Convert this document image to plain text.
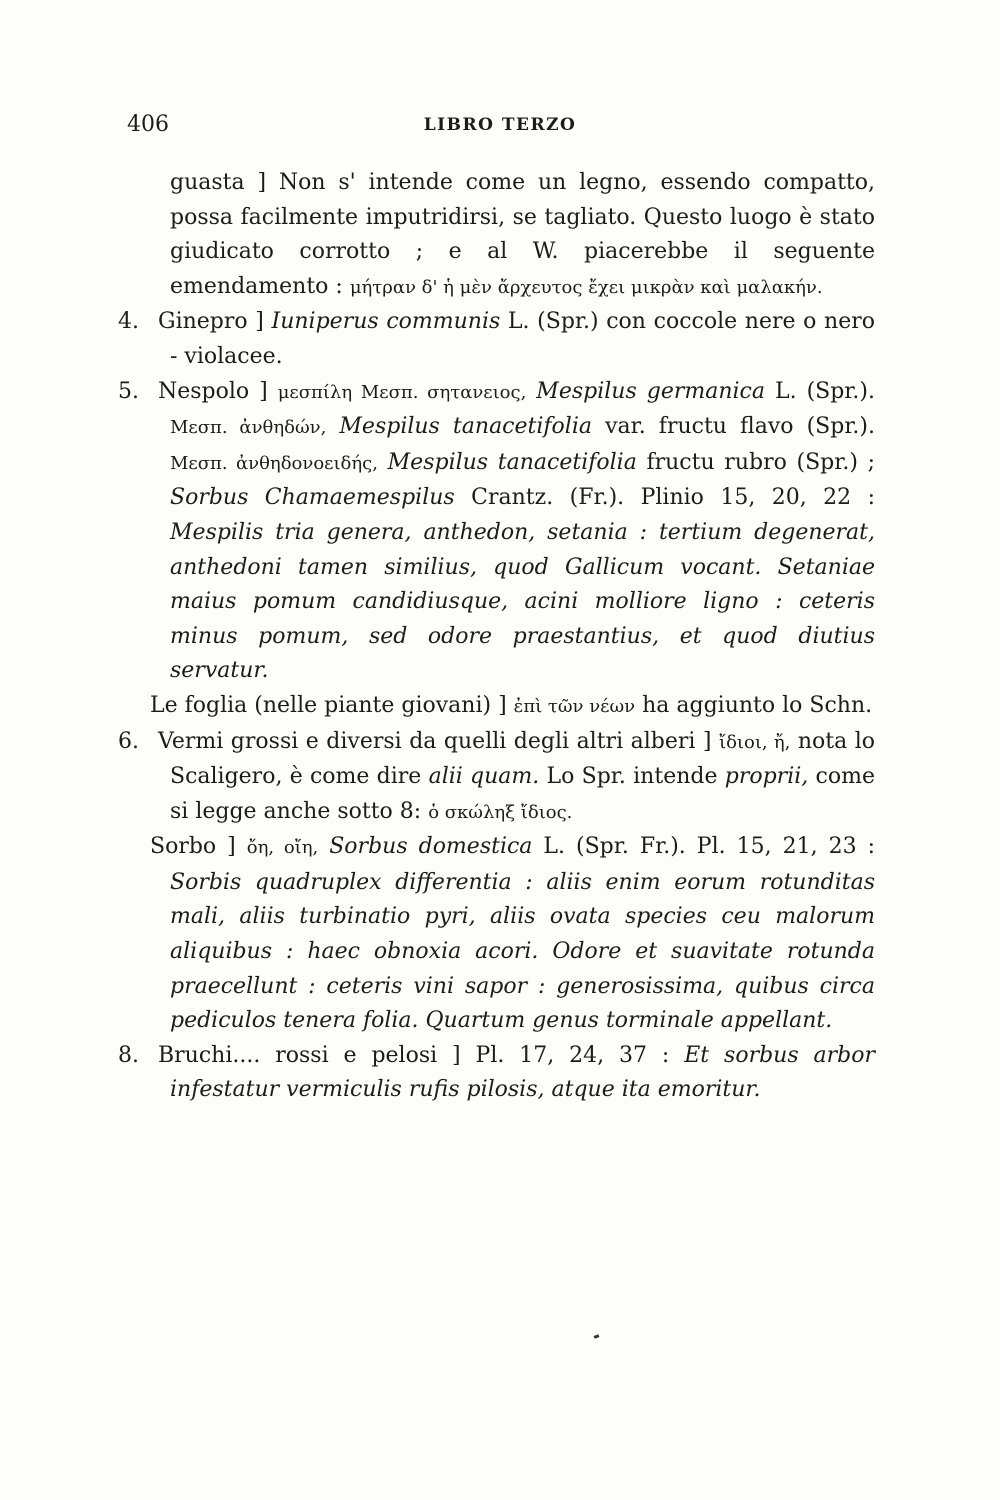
406	LIBRO TERZO

guasta ] Non s' intende come un legno, essendo compatto, possa facilmente imputridirsi, se tagliato. Questo luogo è stato giudicato corrotto ; e al W. piacerebbe il seguente emendamento : μήτραν δ' ἡ μὲν ἄρχευτος ἔχει μικρὰν καὶ μαλακήν.

4. Ginepro ] Iuniperus communis L. (Spr.) con coccole nere o nero - violacee.

5. Nespolo ] μεσπίλη Μεσπ. σητανειος, Mespilus germanica L. (Spr.). Μεσπ. ἀνθηδών, Mespilus tanacetifolia var. fructu flavo (Spr.). Μεσπ. ἀνθηδονοειδής, Mespilus tanacetifolia fructu rubro (Spr.) ; Sorbus Chamaemespilus Crantz. (Fr.). Plinio 15, 20, 22 : Mespilis tria genera, anthedon, setania : tertium degenerat, anthedoni tamen similius, quod Gallicum vocant. Setaniae maius pomum candidiusque, acini molliore ligno : ceteris minus pomum, sed odore praestantius, et quod diutius servatur.

Le foglia (nelle piante giovani) ] ἐπὶ τῶν νέων ha aggiunto lo Schn.

6. Vermi grossi e diversi da quelli degli altri alberi ] ἴδιοι, ἤ, nota lo Scaligero, è come dire alii quam. Lo Spr. intende proprii, come si legge anche sotto 8: ὁ σκώληξ ἴδιος.

Sorbo ] ὄη, οἴη, Sorbus domestica L. (Spr. Fr.). Pl. 15, 21, 23 : Sorbis quadruplex differentia : aliis enim eorum rotunditas mali, aliis turbinatio pyri, aliis ovata species ceu malorum aliquibus : haec obnoxia acori. Odore et suavitate rotunda praecellunt : ceteris vini sapor : generosissima, quibus circa pediculos tenera folia. Quartum genus torminale appellant.

8. Bruchi.... rossi e pelosi ] Pl. 17, 24, 37 : Et sorbus arbor infestatur vermiculis rufis pilosis, atque ita emoritur.
